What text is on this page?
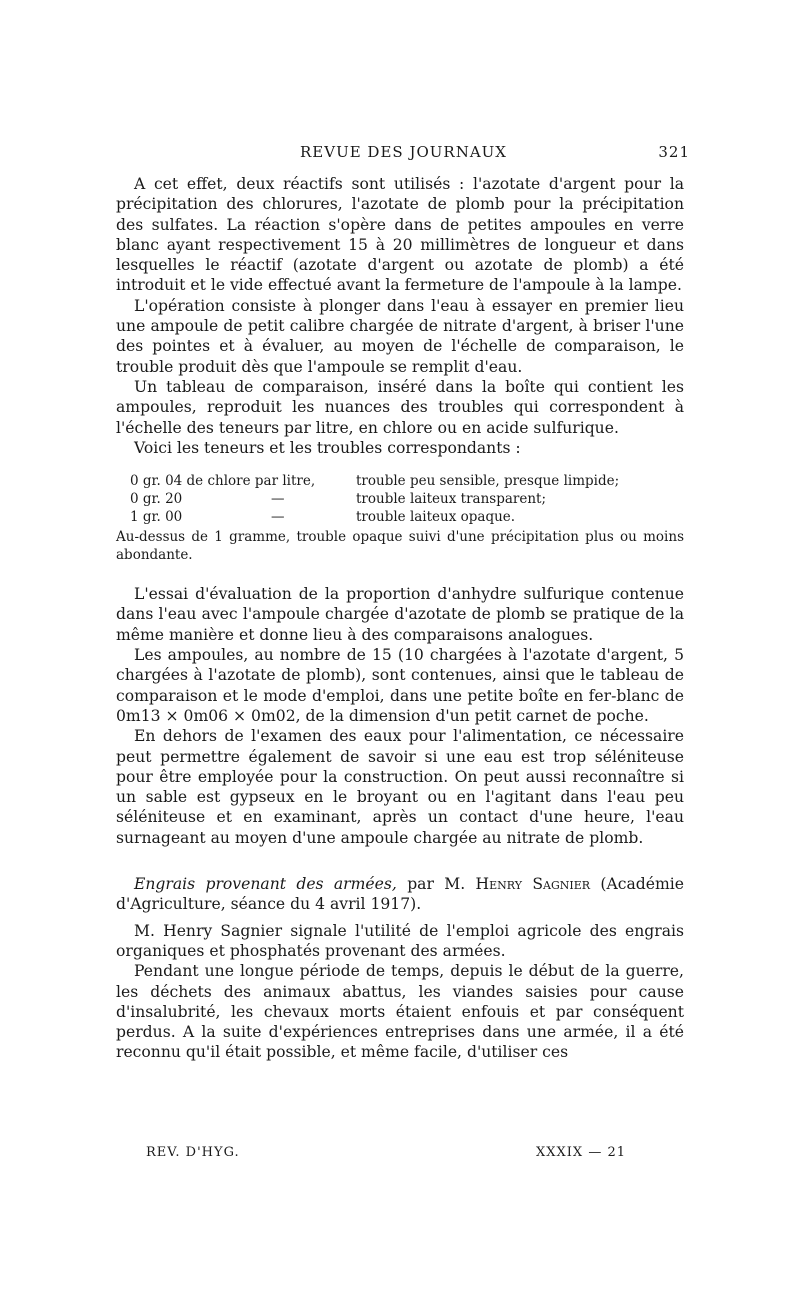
REVUE DES JOURNAUX	321

A cet effet, deux réactifs sont utilisés : l'azotate d'argent pour la précipitation des chlorures, l'azotate de plomb pour la précipitation des sulfates. La réaction s'opère dans de petites ampoules en verre blanc ayant respectivement 15 à 20 millimètres de longueur et dans lesquelles le réactif (azotate d'argent ou azotate de plomb) a été introduit et le vide effectué avant la fermeture de l'ampoule à la lampe.

L'opération consiste à plonger dans l'eau à essayer en premier lieu une ampoule de petit calibre chargée de nitrate d'argent, à briser l'une des pointes et à évaluer, au moyen de l'échelle de comparaison, le trouble produit dès que l'ampoule se remplit d'eau.

Un tableau de comparaison, inséré dans la boîte qui contient les ampoules, reproduit les nuances des troubles qui correspondent à l'échelle des teneurs par litre, en chlore ou en acide sulfurique.

Voici les teneurs et les troubles correspondants :

0 gr. 04 de chlore par litre,	trouble peu sensible, presque limpide;
0 gr. 20	—	trouble laiteux transparent;
1 gr. 00	—	trouble laiteux opaque.
Au-dessus de 1 gramme, trouble opaque suivi d'une précipitation plus ou moins abondante.

L'essai d'évaluation de la proportion d'anhydre sulfurique contenue dans l'eau avec l'ampoule chargée d'azotate de plomb se pratique de la même manière et donne lieu à des comparaisons analogues.

Les ampoules, au nombre de 15 (10 chargées à l'azotate d'argent, 5 chargées à l'azotate de plomb), sont contenues, ainsi que le tableau de comparaison et le mode d'emploi, dans une petite boîte en fer-blanc de 0m13 × 0m06 × 0m02, de la dimension d'un petit carnet de poche.

En dehors de l'examen des eaux pour l'alimentation, ce nécessaire peut permettre également de savoir si une eau est trop séléniteuse pour être employée pour la construction. On peut aussi reconnaître si un sable est gypseux en le broyant ou en l'agitant dans l'eau peu séléniteuse et en examinant, après un contact d'une heure, l'eau surnageant au moyen d'une ampoule chargée au nitrate de plomb.

Engrais provenant des armées, par M. Henry Sagnier (Académie d'Agriculture, séance du 4 avril 1917).

M. Henry Sagnier signale l'utilité de l'emploi agricole des engrais organiques et phosphatés provenant des armées.

Pendant une longue période de temps, depuis le début de la guerre, les déchets des animaux abattus, les viandes saisies pour cause d'insalubrité, les chevaux morts étaient enfouis et par conséquent perdus. A la suite d'expériences entreprises dans une armée, il a été reconnu qu'il était possible, et même facile, d'utiliser ces

REV. D'HYG.	XXXIX — 21
